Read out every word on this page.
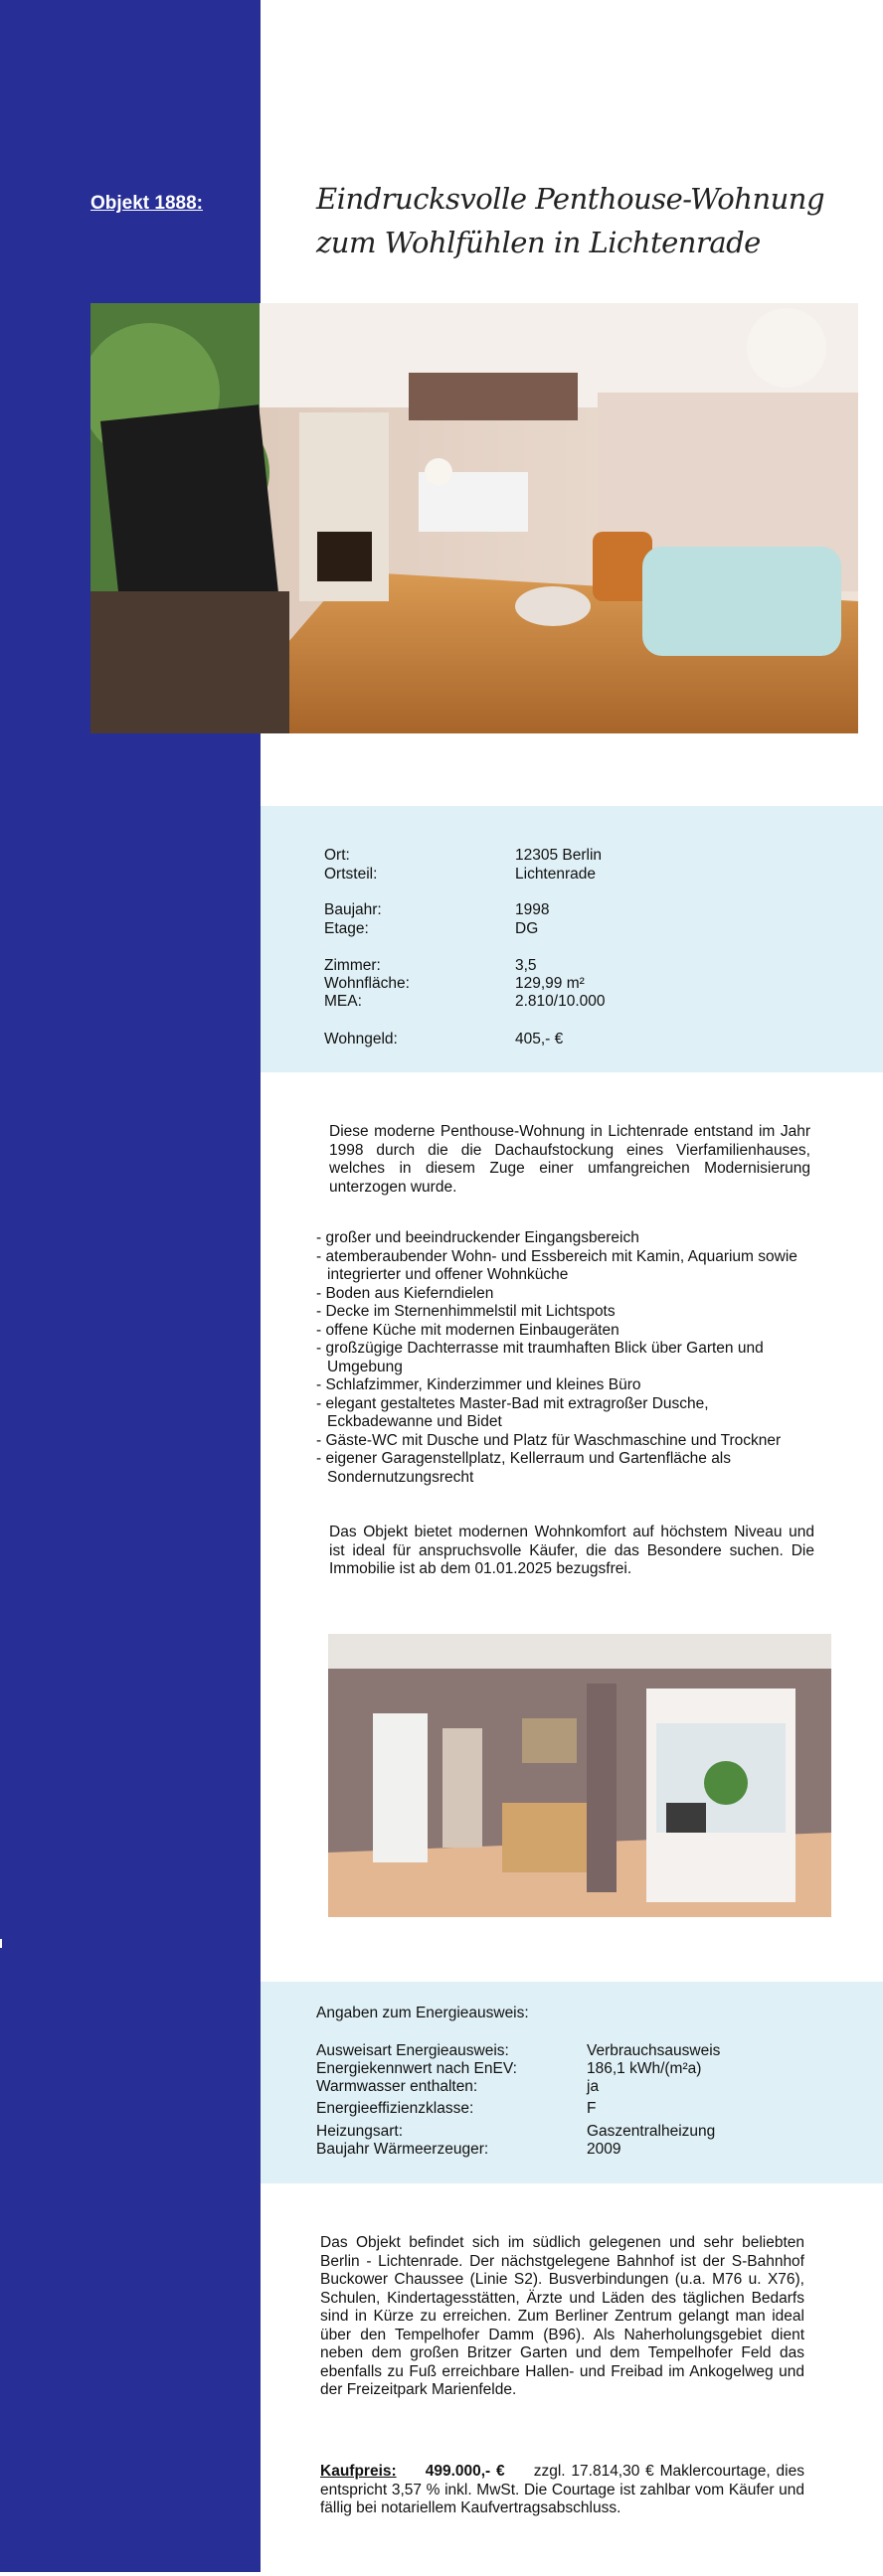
Objekt 1888:	Eindrucksvolle Penthouse-Wohnung
zum Wohlfühlen in Lichtenrade
Ort:	12305 Berlin
Ortsteil:	Lichtenrade
Baujahr:	1998
Etage:	DG
Zimmer:	3,5
Wohnfläche:	129,99 m²
MEA:	2.810/10.000
Wohngeld:	405,- €
Diese moderne Penthouse-Wohnung in Lichtenrade entstand im Jahr 1998 durch die die Dachaufstockung eines Vierfamilienhauses, welches in diesem Zuge einer umfangreichen Modernisierung unterzogen wurde.
- großer und beeindruckender Eingangsbereich
- atemberaubender Wohn- und Essbereich mit Kamin, Aquarium sowie integrierter und offener Wohnküche
- Boden aus Kieferndielen
- Decke im Sternenhimmelstil mit Lichtspots
- offene Küche mit modernen Einbaugeräten
- großzügige Dachterrasse mit traumhaften Blick über Garten und Umgebung
- Schlafzimmer, Kinderzimmer und kleines Büro
- elegant gestaltetes Master-Bad mit extragroßer Dusche, Eckbadewanne und Bidet
- Gäste-WC mit Dusche und Platz für Waschmaschine und Trockner
- eigener Garagenstellplatz, Kellerraum und Gartenfläche als Sondernutzungsrecht
Das Objekt bietet modernen Wohnkomfort auf höchstem Niveau und ist ideal für anspruchsvolle Käufer, die das Besondere suchen. Die Immobilie ist ab dem 01.01.2025 bezugsfrei.
Angaben zum Energieausweis:
Ausweisart Energieausweis:	Verbrauchsausweis
Energiekennwert nach EnEV:	186,1 kWh/(m²a)
Warmwasser enthalten:	ja
Energieeffizienzklasse:	F
Heizungsart:	Gaszentralheizung
Baujahr Wärmeerzeuger:	2009
Das Objekt befindet sich im südlich gelegenen und sehr beliebten Berlin - Lichtenrade. Der nächstgelegene Bahnhof ist der S-Bahnhof Buckower Chaussee (Linie S2). Busverbindungen (u.a. M76 u. X76), Schulen, Kindertagesstätten, Ärzte und Läden des täglichen Bedarfs sind in Kürze zu erreichen. Zum Berliner Zentrum gelangt man ideal über den Tempelhofer Damm (B96). Als Naherholungsgebiet dient neben dem großen Britzer Garten und dem Tempelhofer Feld das ebenfalls zu Fuß erreichbare Hallen- und Freibad im Ankogelweg und der Freizeitpark Marienfelde.
Kaufpreis: 499.000,- € zzgl. 17.814,30 € Maklercourtage, dies entspricht 3,57 % inkl. MwSt. Die Courtage ist zahlbar vom Käufer und fällig bei notariellem Kaufvertragsabschluss.
